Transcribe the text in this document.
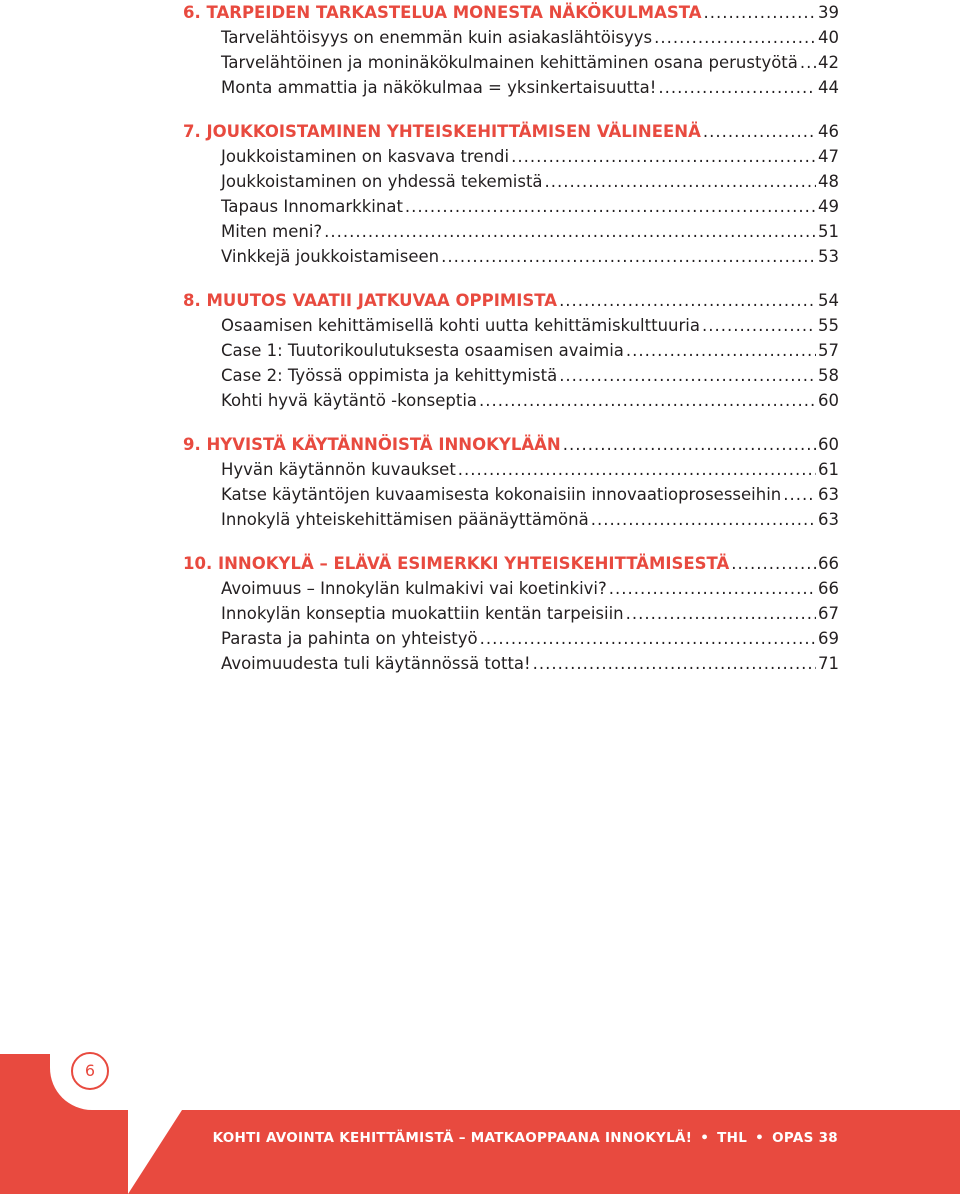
6. TARPEIDEN TARKASTELUA MONESTA NÄKÖKULMASTA .....	39
Tarvelähtöisyys on enemmän kuin asiakaslähtöisyys .....	40
Tarvelähtöinen ja moninäkökulmainen kehittäminen osana perustyötä ..... 42
Monta ammattia ja näkökulmaa = yksinkertaisuutta! .....	44
7. JOUKKOISTAMINEN YHTEISKEHITTÄMISEN VÄLINEENÄ .....	46
Joukkoistaminen on kasvava trendi .....	47
Joukkoistaminen on yhdessä tekemistä .....	48
Tapaus Innomarkkinat .....	49
Miten meni? .....	51
Vinkkejä joukkoistamiseen .....	53
8. MUUTOS VAATII JATKUVAA OPPIMISTA .....	54
Osaamisen kehittämisellä kohti uutta kehittämiskulttuuria .....	55
Case 1: Tuutorikoulutuksesta osaamisen avaimia .....	57
Case 2: Työssä oppimista ja kehittymistä .....	58
Kohti hyvä käytäntö -konseptia .....	60
9. HYVISTÄ KÄYTÄNNÖISTÄ INNOKYLÄÄN .....	60
Hyvän käytännön kuvaukset .....	61
Katse käytäntöjen kuvaamisesta kokonaisiin innovaatioprosesseihin ..... 63
Innokylä yhteiskehittämisen päänäyttämönä .....	63
10. INNOKYLÄ – ELÄVÄ ESIMERKKI YHTEISKEHITTÄMISESTÄ .....	66
Avoimuus – Innokylän kulmakivi vai koetinkivi? .....	66
Innokylän konseptia muokattiin kentän tarpeisiin .....	67
Parasta ja pahinta on yhteistyö .....	69
Avoimuudesta tuli käytännössä totta! .....	71
6
KOHTI AVOINTA KEHITTÄMISTÄ – MATKAOPPAANA INNOKYLÄ! • THL • OPAS 38
